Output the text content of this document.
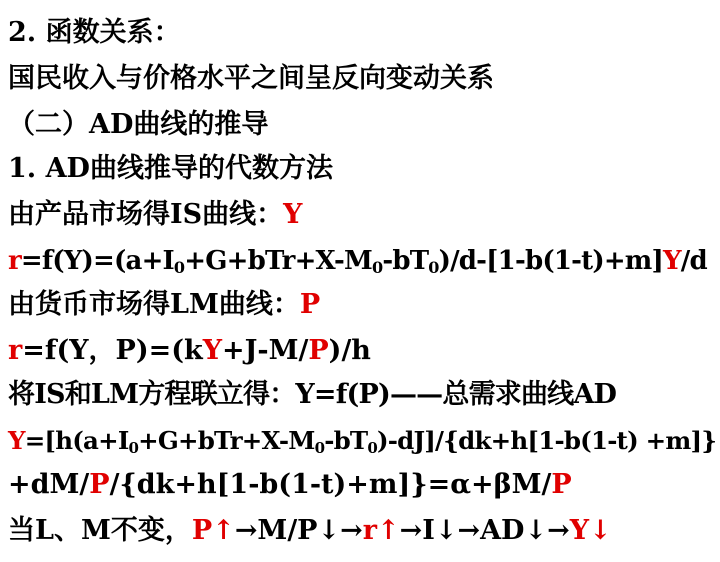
2. 函数关系：
国民收入与价格水平之间呈反向变动关系
（二）AD曲线的推导
1. AD曲线推导的代数方法
由产品市场得IS曲线：Y
$r=f(Y)=(a+I_0+G+bTr+X-M_0-bT_0)/d-[1-b(1-t)+m]Y/d$
由货币市场得LM曲线：P
r=f(Y，P)=(kY+J-M/P)/h
将IS和LM方程联立得：Y=f(P)——总需求曲线AD
$Y=[h(a+I_0+G+bTr+X-M_0-bT_0)-dJ]/\{dk+h[1-b(1-t) +m]\}$
+dM/P/{dk+h[1-b(1-t)+m]}=α+βM/P
当L、M不变，P↑→M/P↓→r↑→I↓→AD↓→Y↓
